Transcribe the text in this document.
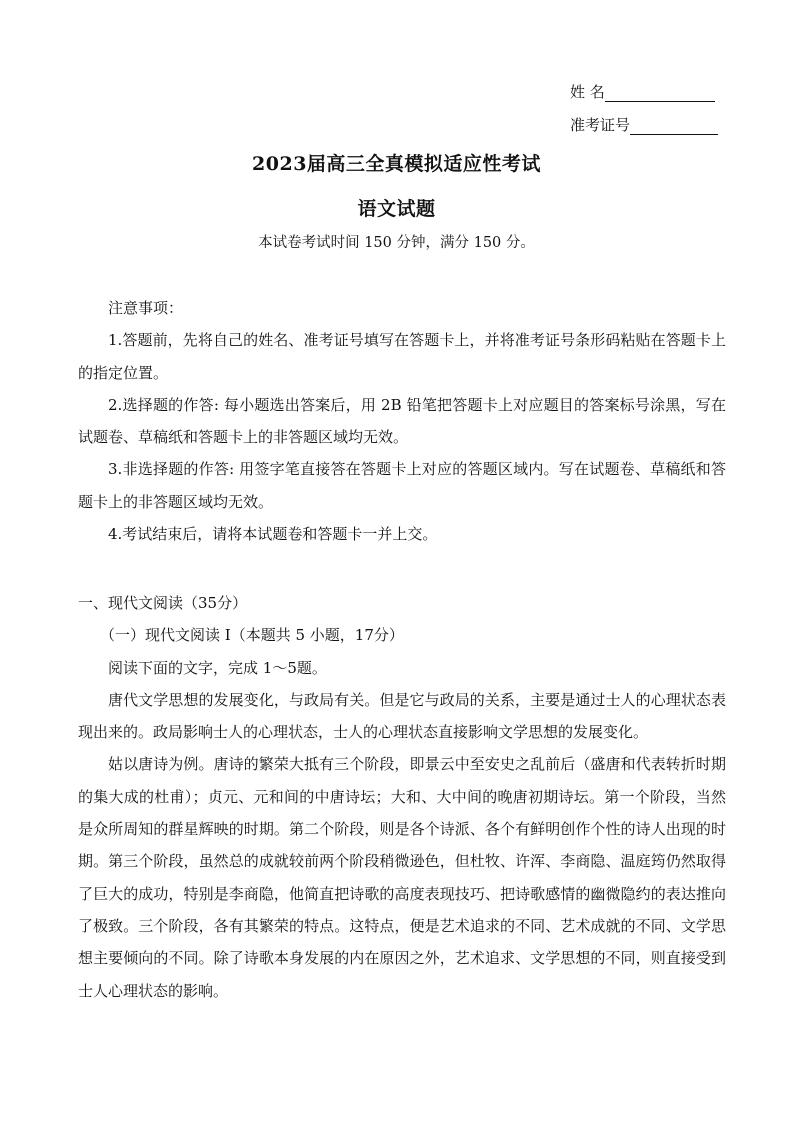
姓 名
准考证号
2023届高三全真模拟适应性考试
语文试题
本试卷考试时间 150 分钟，满分 150 分。

注意事项：

1.答题前，先将自己的姓名、准考证号填写在答题卡上，并将准考证号条形码粘贴在答题卡上的指定位置。

2.选择题的作答: 每小题选出答案后，用 2B 铅笔把答题卡上对应题目的答案标号涂黑，写在试题卷、草稿纸和答题卡上的非答题区域均无效。

3.非选择题的作答: 用签字笔直接答在答题卡上对应的答题区域内。写在试题卷、草稿纸和答题卡上的非答题区域均无效。

4.考试结束后，请将本试题卷和答题卡一并上交。

一、现代文阅读（35分）

（一）现代文阅读 I（本题共 5 小题，17分）

阅读下面的文字，完成 1～5题。

唐代文学思想的发展变化，与政局有关。但是它与政局的关系，主要是通过士人的心理状态表现出来的。政局影响士人的心理状态，士人的心理状态直接影响文学思想的发展变化。

姑以唐诗为例。唐诗的繁荣大抵有三个阶段，即景云中至安史之乱前后（盛唐和代表转折时期的集大成的杜甫）；贞元、元和间的中唐诗坛；大和、大中间的晚唐初期诗坛。第一个阶段，当然是众所周知的群星辉映的时期。第二个阶段，则是各个诗派、各个有鲜明创作个性的诗人出现的时期。第三个阶段，虽然总的成就较前两个阶段稍微逊色，但杜牧、许浑、李商隐、温庭筠仍然取得了巨大的成功，特别是李商隐，他简直把诗歌的高度表现技巧、把诗歌感情的幽微隐约的表达推向了极致。三个阶段，各有其繁荣的特点。这特点，便是艺术追求的不同、艺术成就的不同、文学思想主要倾向的不同。除了诗歌本身发展的内在原因之外，艺术追求、文学思想的不同，则直接受到士人心理状态的影响。
